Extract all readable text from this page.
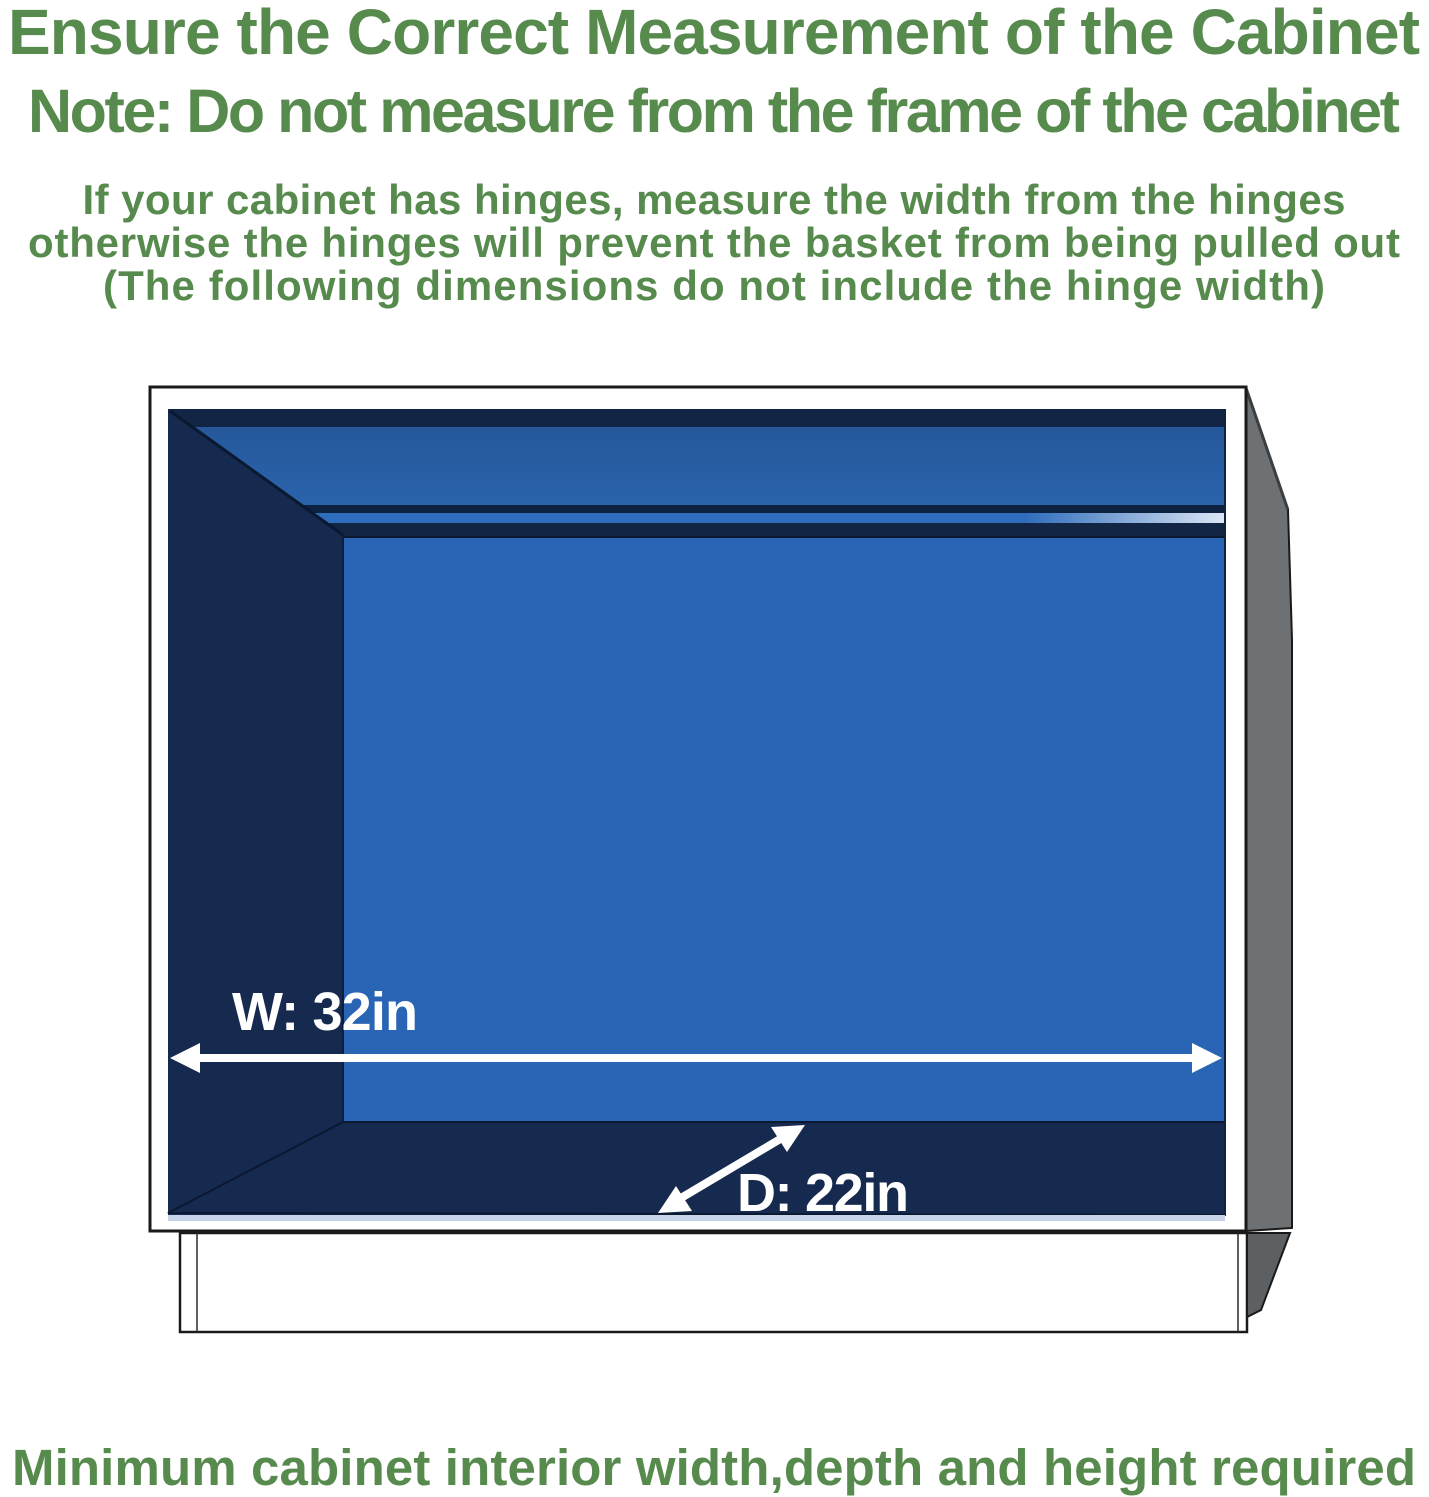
Ensure the Correct Measurement of the Cabinet
Note: Do not measure from the frame of the cabinet
If your cabinet has hinges, measure the width from the hinges
otherwise the hinges will prevent the basket from being pulled out
(The following dimensions do not include the hinge width)
W: 32in
D: 22in
Minimum cabinet interior width,depth and height required
